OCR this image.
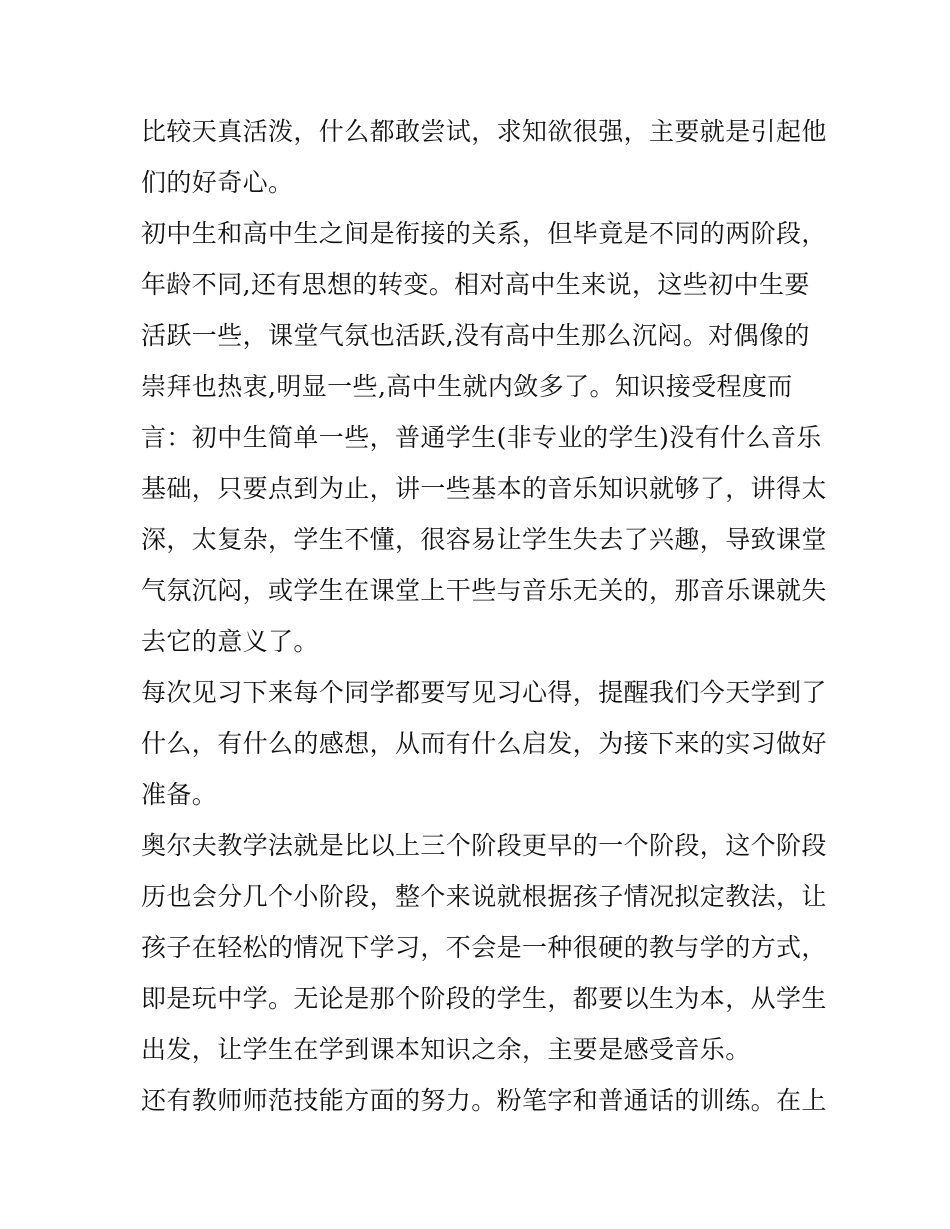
比较天真活泼，什么都敢尝试，求知欲很强，主要就是引起他
们的好奇心。
初中生和高中生之间是衔接的关系，但毕竟是不同的两阶段，
年龄不同,还有思想的转变。相对高中生来说，这些初中生要
活跃一些，课堂气氛也活跃,没有高中生那么沉闷。对偶像的
崇拜也热衷,明显一些,高中生就内敛多了。知识接受程度而
言：初中生简单一些，普通学生(非专业的学生)没有什么音乐
基础，只要点到为止，讲一些基本的音乐知识就够了，讲得太
深，太复杂，学生不懂，很容易让学生失去了兴趣，导致课堂
气氛沉闷，或学生在课堂上干些与音乐无关的，那音乐课就失
去它的意义了。
每次见习下来每个同学都要写见习心得，提醒我们今天学到了
什么，有什么的感想，从而有什么启发，为接下来的实习做好
准备。
奥尔夫教学法就是比以上三个阶段更早的一个阶段，这个阶段
历也会分几个小阶段，整个来说就根据孩子情况拟定教法，让
孩子在轻松的情况下学习，不会是一种很硬的教与学的方式，
即是玩中学。无论是那个阶段的学生，都要以生为本，从学生
出发，让学生在学到课本知识之余，主要是感受音乐。
还有教师师范技能方面的努力。粉笔字和普通话的训练。在上
